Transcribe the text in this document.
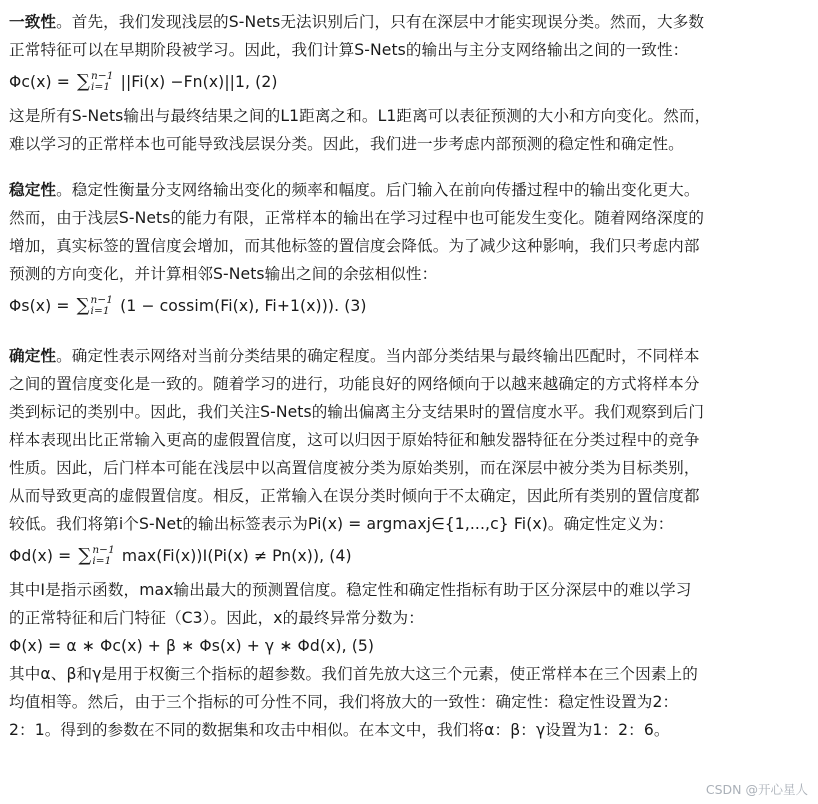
一致性。首先，我们发现浅层的S-Nets无法识别后门，只有在深层中才能实现误分类。然而，大多数
正常特征可以在早期阶段被学习。因此，我们计算S-Nets的输出与主分支网络输出之间的一致性：

Φc(x) = ∑ n−1
i=1 ||Fi(x) −Fn(x)||1, (2)

这是所有S-Nets输出与最终结果之间的L1距离之和。L1距离可以表征预测的大小和方向变化。然而，
难以学习的正常样本也可能导致浅层误分类。因此，我们进一步考虑内部预测的稳定性和确定性。

稳定性。稳定性衡量分支网络输出变化的频率和幅度。后门输入在前向传播过程中的输出变化更大。
然而，由于浅层S-Nets的能力有限，正常样本的输出在学习过程中也可能发生变化。随着网络深度的
增加，真实标签的置信度会增加，而其他标签的置信度会降低。为了减少这种影响，我们只考虑内部
预测的方向变化，并计算相邻S-Nets输出之间的余弦相似性：

Φs(x) = ∑ n−1
i=1 (1 − cossim(Fi(x), Fi+1(x))). (3)

确定性。确定性表示网络对当前分类结果的确定程度。当内部分类结果与最终输出匹配时，不同样本
之间的置信度变化是一致的。随着学习的进行，功能良好的网络倾向于以越来越确定的方式将样本分
类到标记的类别中。因此，我们关注S-Nets的输出偏离主分支结果时的置信度水平。我们观察到后门
样本表现出比正常输入更高的虚假置信度，这可以归因于原始特征和触发器特征在分类过程中的竞争
性质。因此，后门样本可能在浅层中以高置信度被分类为原始类别，而在深层中被分类为目标类别，
从而导致更高的虚假置信度。相反，正常输入在误分类时倾向于不太确定，因此所有类别的置信度都
较低。我们将第i个S-Net的输出标签表示为Pi(x) = argmaxj∈{1,...,c} Fi(x)。确定性定义为：

Φd(x) = ∑ n−1
i=1 max(Fi(x))I(Pi(x) ≠ Pn(x)), (4)

其中I是指示函数，max输出最大的预测置信度。稳定性和确定性指标有助于区分深层中的难以学习
的正常特征和后门特征（C3）。因此，x的最终异常分数为：
Φ(x) = α ∗ Φc(x) + β ∗ Φs(x) + γ ∗ Φd(x), (5)
其中α、β和γ是用于权衡三个指标的超参数。我们首先放大这三个元素，使正常样本在三个因素上的
均值相等。然后，由于三个指标的可分性不同，我们将放大的一致性：确定性：稳定性设置为2：
2：1。得到的参数在不同的数据集和攻击中相似。在本文中，我们将α：β：γ设置为1：2：6。

CSDN @开心星人
